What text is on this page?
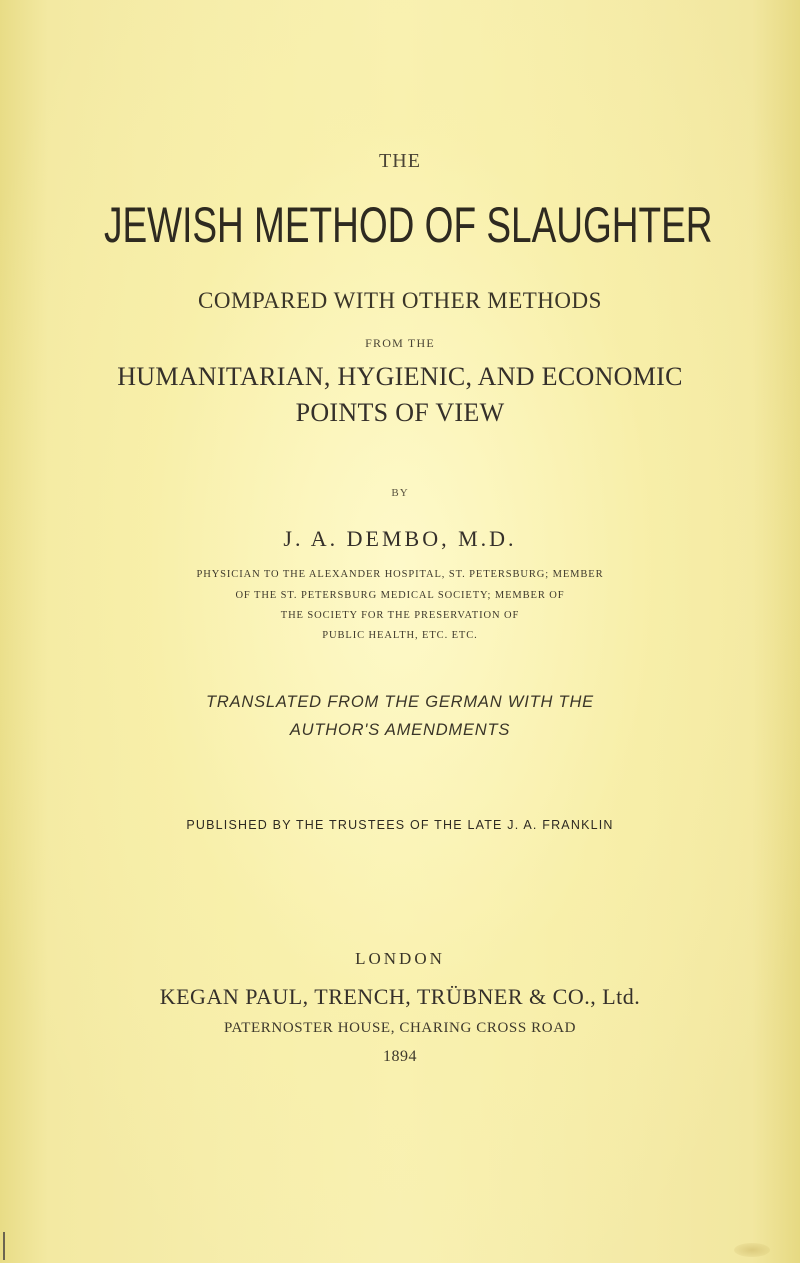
THE
JEWISH METHOD OF SLAUGHTER
COMPARED WITH OTHER METHODS
FROM THE
HUMANITARIAN, HYGIENIC, AND ECONOMIC
POINTS OF VIEW
BY
J. A. DEMBO, M.D.
PHYSICIAN TO THE ALEXANDER HOSPITAL, ST. PETERSBURG; MEMBER
OF THE ST. PETERSBURG MEDICAL SOCIETY; MEMBER OF
THE SOCIETY FOR THE PRESERVATION OF
PUBLIC HEALTH, ETC. ETC.
TRANSLATED FROM THE GERMAN WITH THE
AUTHOR'S AMENDMENTS
PUBLISHED BY THE TRUSTEES OF THE LATE J. A. FRANKLIN
LONDON
KEGAN PAUL, TRENCH, TRÜBNER & CO., Ltd.
PATERNOSTER HOUSE, CHARING CROSS ROAD
1894
